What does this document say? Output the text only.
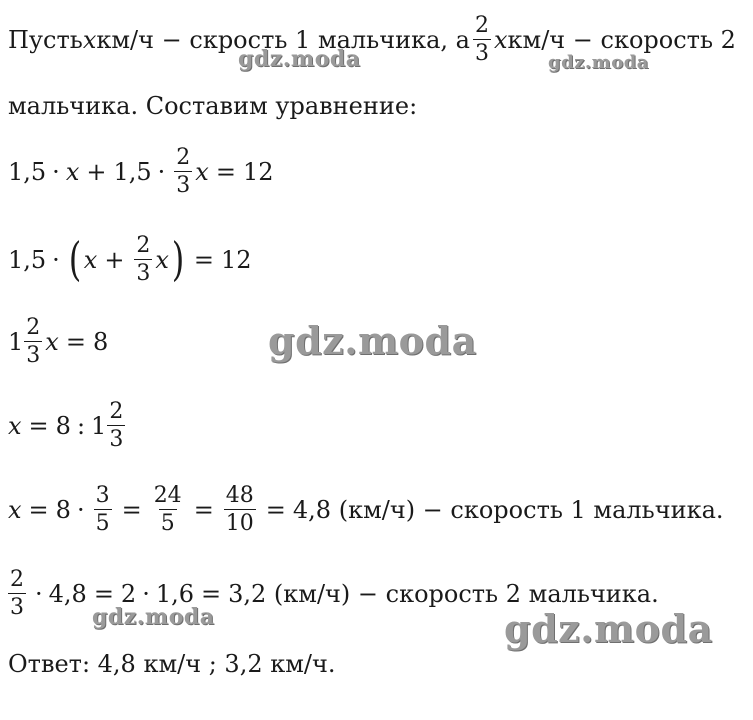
Пусть x км/ч − скрость 1 мальчика, а $\frac{2}{3}$ x км/ч − скорость 2
мальчика. Составим уравнение:
$1,5 \cdot x + 1,5 \cdot \frac{2}{3}$ x = 12
1,5 · ( $x + \frac{2}{3}$ x ) = 12
$1 \frac{2}{3}$ x = 8
x = 8 : $1 \frac{2}{3}$
$x = 8 \cdot \frac{3}{5} = \frac{24}{5} = \frac{48}{10} = 4,8$ (км/ч) − скорость 1 мальчика.
$\frac{2}{3} \cdot 4,8 = 2 \cdot 1,6 = 3,2$ (км/ч) − скорость 2 мальчика.
Ответ: 4,8 км/ч ; 3,2 км/ч.
gdz.moda	gdz.moda
gdz.moda
gdz.moda	gdz.moda
